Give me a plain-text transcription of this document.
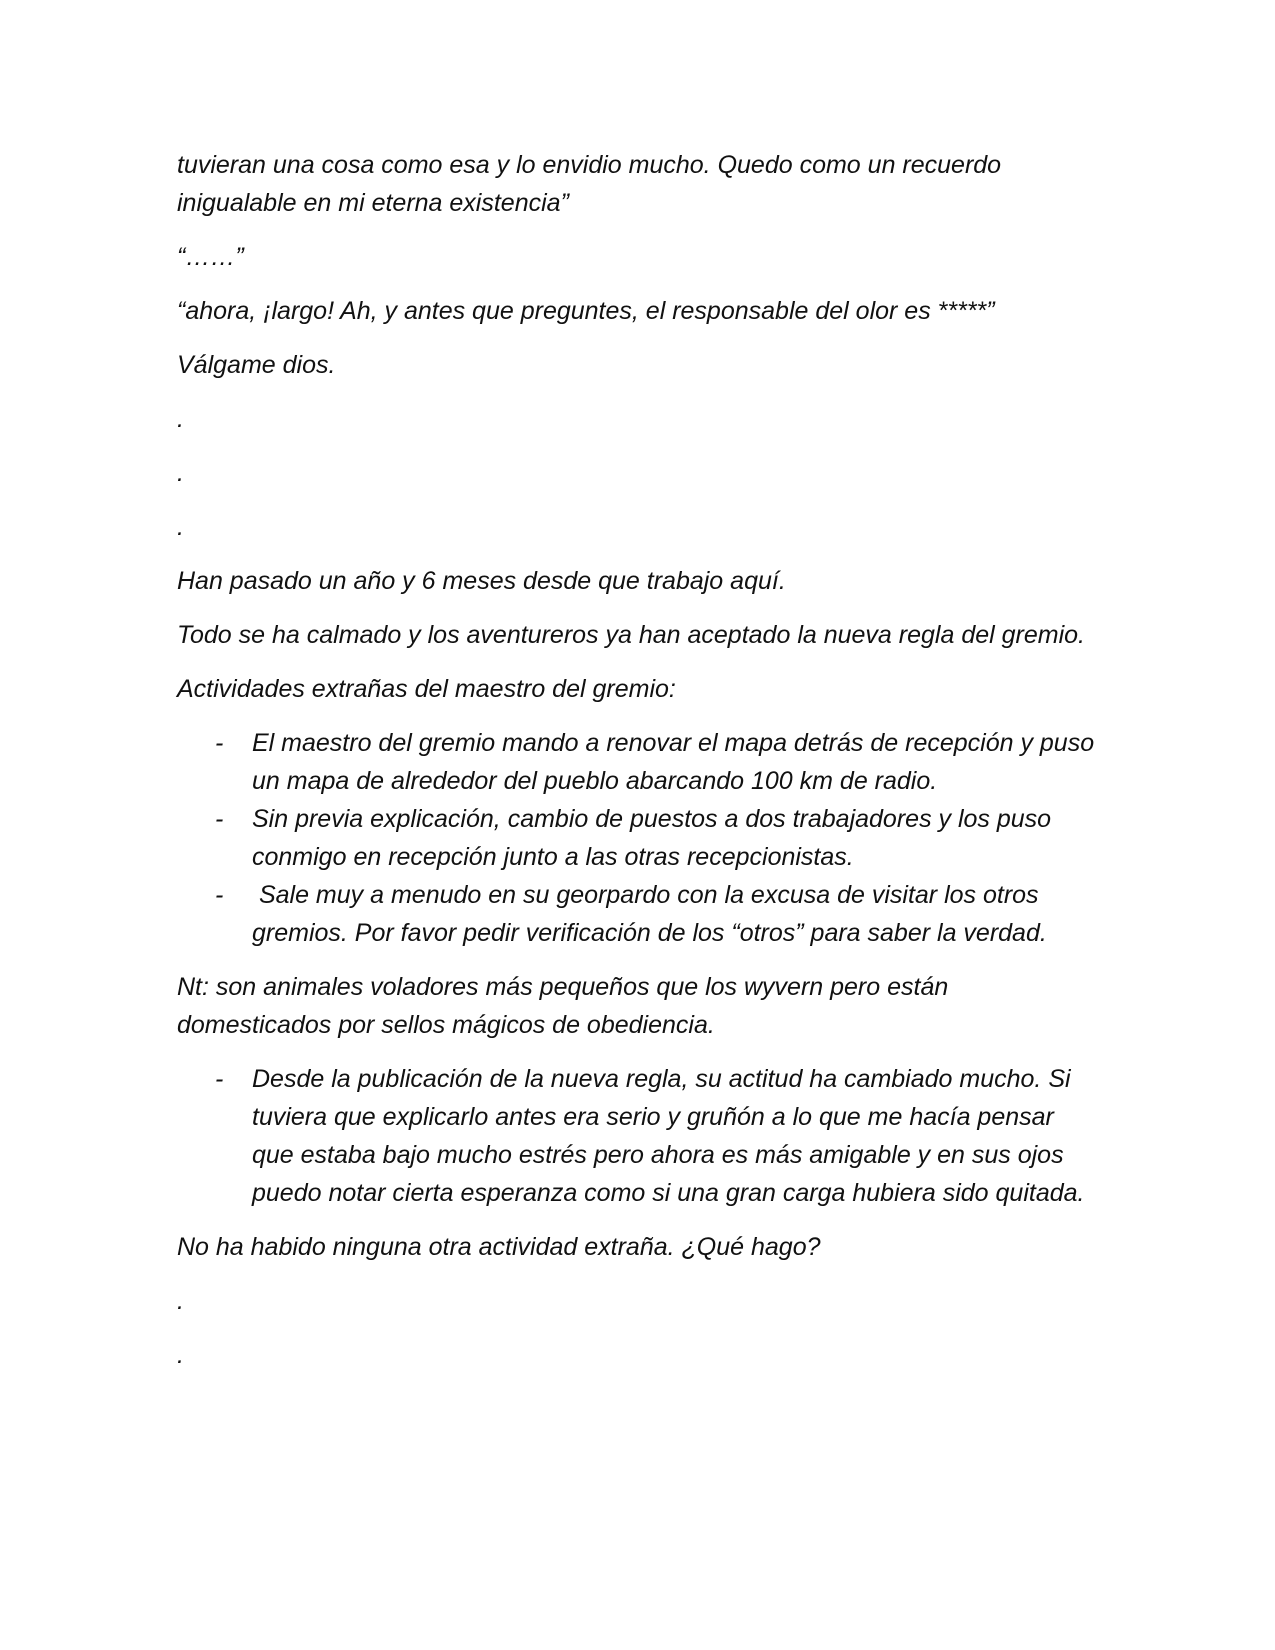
tuvieran una cosa como esa y lo envidio mucho. Quedo como un recuerdo inigualable en mi eterna existencia”

“……”

“ahora, ¡largo! Ah, y antes que preguntes, el responsable del olor es *****”

Válgame dios.

.

.

.

Han pasado un año y 6 meses desde que trabajo aquí.

Todo se ha calmado y los aventureros ya han aceptado la nueva regla del gremio.

Actividades extrañas del maestro del gremio:

- El maestro del gremio mando a renovar el mapa detrás de recepción y puso un mapa de alrededor del pueblo abarcando 100 km de radio.
- Sin previa explicación, cambio de puestos a dos trabajadores y los puso conmigo en recepción junto a las otras recepcionistas.
- Sale muy a menudo en su georpardo con la excusa de visitar los otros gremios. Por favor pedir verificación de los “otros” para saber la verdad.

Nt: son animales voladores más pequeños que los wyvern pero están domesticados por sellos mágicos de obediencia.

- Desde la publicación de la nueva regla, su actitud ha cambiado mucho. Si tuviera que explicarlo antes era serio y gruñón a lo que me hacía pensar que estaba bajo mucho estrés pero ahora es más amigable y en sus ojos puedo notar cierta esperanza como si una gran carga hubiera sido quitada.

No ha habido ninguna otra actividad extraña. ¿Qué hago?

.

.
